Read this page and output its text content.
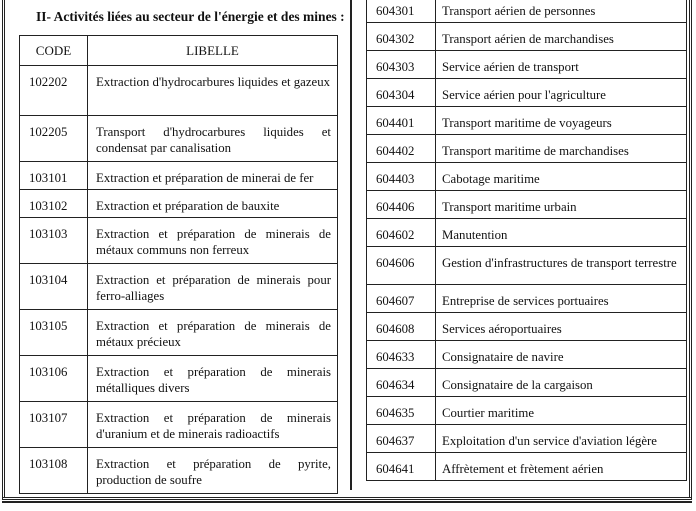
II- Activités liées au secteur de l'énergie et des mines :
CODE	LIBELLE
102202	Extraction d'hydrocarbures liquides et gazeux
102205	Transport d'hydrocarbures liquides et condensat par canalisation
103101	Extraction et préparation de minerai de fer
103102	Extraction et préparation de bauxite
103103	Extraction et préparation de minerais de métaux communs non ferreux
103104	Extraction et préparation de minerais pour ferro-alliages
103105	Extraction et préparation de minerais de métaux précieux
103106	Extraction et préparation de minerais métalliques divers
103107	Extraction et préparation de minerais d'uranium et de minerais radioactifs
103108	Extraction et préparation de pyrite, production de soufre
604301	Transport aérien de personnes
604302	Transport aérien de marchandises
604303	Service aérien de transport
604304	Service aérien pour l'agriculture
604401	Transport maritime de voyageurs
604402	Transport maritime de marchandises
604403	Cabotage maritime
604406	Transport maritime urbain
604602	Manutention
604606	Gestion d'infrastructures de transport terrestre
604607	Entreprise de services portuaires
604608	Services aéroportuaires
604633	Consignataire de navire
604634	Consignataire de la cargaison
604635	Courtier maritime
604637	Exploitation d'un service d'aviation légère
604641	Affrètement et frètement aérien
